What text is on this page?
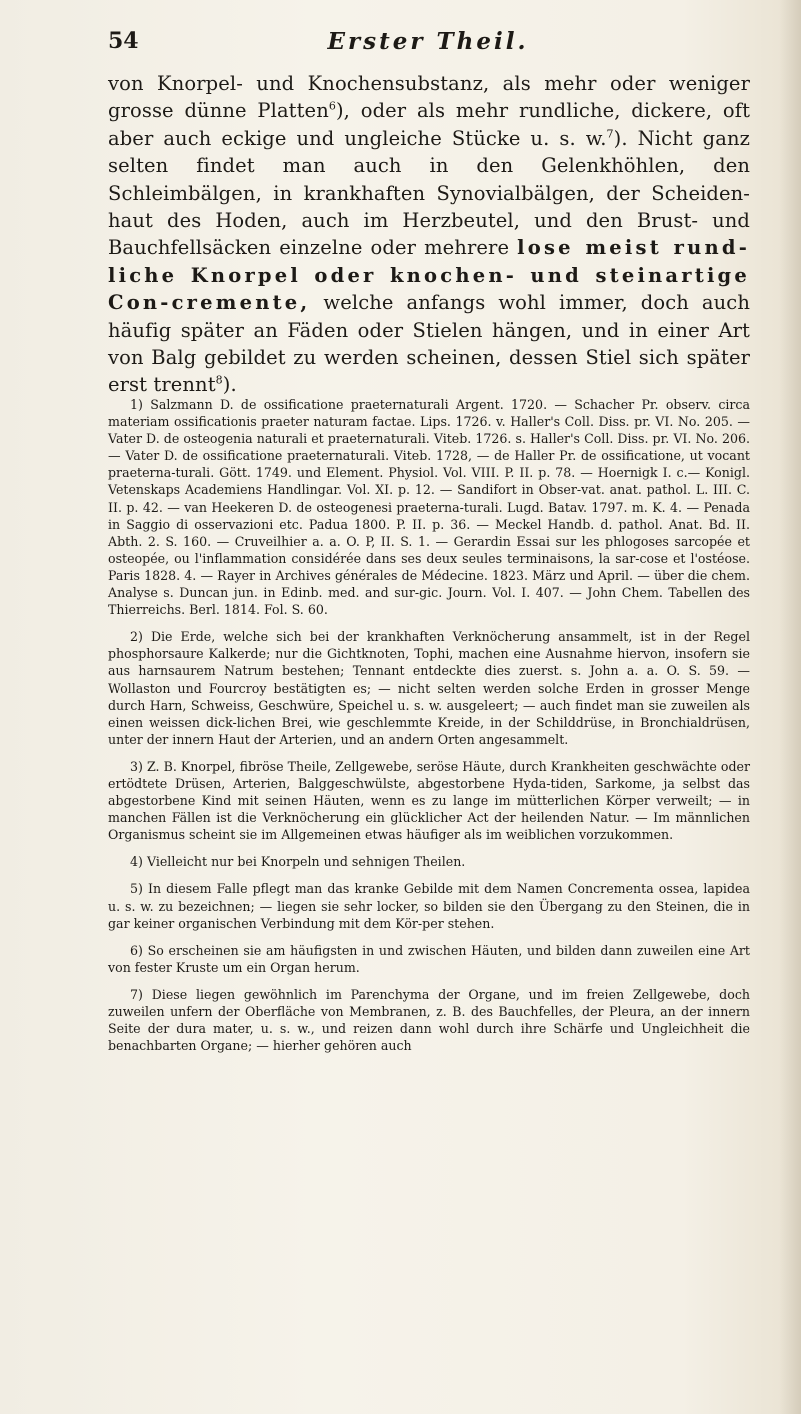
54	Erster Theil.
von Knorpel- und Knochensubstanz, als mehr oder weniger grosse dünne Platten$^6$), oder als mehr rundliche, dickere, oft aber auch eckige und ungleiche Stücke u. s. w.$^7$). Nicht ganz selten findet man auch in den Gelenkhöhlen, den Schleimbälgen, in krankhaften Synovialbälgen, der Scheiden-haut des Hoden, auch im Herzbeutel, und den Brust- und Bauchfellsäcken einzelne oder mehrere lose meist rund-liche Knorpel oder knochen- und steinartige Con-cremente, welche anfangs wohl immer, doch auch häufig später an Fäden oder Stielen hängen, und in einer Art von Balg gebildet zu werden scheinen, dessen Stiel sich später erst trennt$^8$).

1) Salzmann D. de ossificatione praeternaturali Argent. 1720. — Schacher Pr. observ. circa materiam ossificationis praeter naturam factae. Lips. 1726. v. Haller's Coll. Diss. pr. VI. No. 205. — Vater D. de osteogenia naturali et praeternaturali. Viteb. 1726. s. Haller's Coll. Diss. pr. VI. No. 206. — Vater D. de ossificatione praeternaturali. Viteb. 1728, — de Haller Pr. de ossificatione, ut vocant praeterna-turali. Gött. 1749. und Element. Physiol. Vol. VIII. P. II. p. 78. — Hoernigk I. c.— Konigl. Vetenskaps Academiens Handlingar. Vol. XI. p. 12. — Sandifort in Obser-vat. anat. pathol. L. III. C. II. p. 42. — van Heekeren D. de osteogenesi praeterna-turali. Lugd. Batav. 1797. m. K. 4. — Penada in Saggio di osservazioni etc. Padua 1800. P. II. p. 36. — Meckel Handb. d. pathol. Anat. Bd. II. Abth. 2. S. 160. — Cruveilhier a. a. O. P, II. S. 1. — Gerardin Essai sur les phlogoses sarcopée et osteopée, ou l'inflammation considérée dans ses deux seules terminaisons, la sar-cose et l'ostéose. Paris 1828. 4. — Rayer in Archives générales de Médecine. 1823. März und April. — über die chem. Analyse s. Duncan jun. in Edinb. med. and sur-gic. Journ. Vol. I. 407. — John Chem. Tabellen des Thierreichs. Berl. 1814. Fol. S. 60.

2) Die Erde, welche sich bei der krankhaften Verknöcherung ansammelt, ist in der Regel phosphorsaure Kalkerde; nur die Gichtknoten, Tophi, machen eine Ausnahme hiervon, insofern sie aus harnsaurem Natrum bestehen; Tennant entdeckte dies zuerst. s. John a. a. O. S. 59. — Wollaston und Fourcroy bestätigten es; — nicht selten werden solche Erden in grosser Menge durch Harn, Schweiss, Geschwüre, Speichel u. s. w. ausgeleert; — auch findet man sie zuweilen als einen weissen dick-lichen Brei, wie geschlemmte Kreide, in der Schilddrüse, in Bronchialdrüsen, unter der innern Haut der Arterien, und an andern Orten angesammelt.

3) Z. B. Knorpel, fibröse Theile, Zellgewebe, seröse Häute, durch Krankheiten geschwächte oder ertödtete Drüsen, Arterien, Balggeschwülste, abgestorbene Hyda-tiden, Sarkome, ja selbst das abgestorbene Kind mit seinen Häuten, wenn es zu lange im mütterlichen Körper verweilt; — in manchen Fällen ist die Verknöcherung ein glücklicher Act der heilenden Natur. — Im männlichen Organismus scheint sie im Allgemeinen etwas häufiger als im weiblichen vorzukommen.

4) Vielleicht nur bei Knorpeln und sehnigen Theilen.

5) In diesem Falle pflegt man das kranke Gebilde mit dem Namen Concrementa ossea, lapidea u. s. w. zu bezeichnen; — liegen sie sehr locker, so bilden sie den Übergang zu den Steinen, die in gar keiner organischen Verbindung mit dem Kör-per stehen.

6) So erscheinen sie am häufigsten in und zwischen Häuten, und bilden dann zuweilen eine Art von fester Kruste um ein Organ herum.

7) Diese liegen gewöhnlich im Parenchyma der Organe, und im freien Zellgewebe, doch zuweilen unfern der Oberfläche von Membranen, z. B. des Bauchfelles, der Pleura, an der innern Seite der dura mater, u. s. w., und reizen dann wohl durch ihre Schärfe und Ungleichheit die benachbarten Organe; — hierher gehören auch
